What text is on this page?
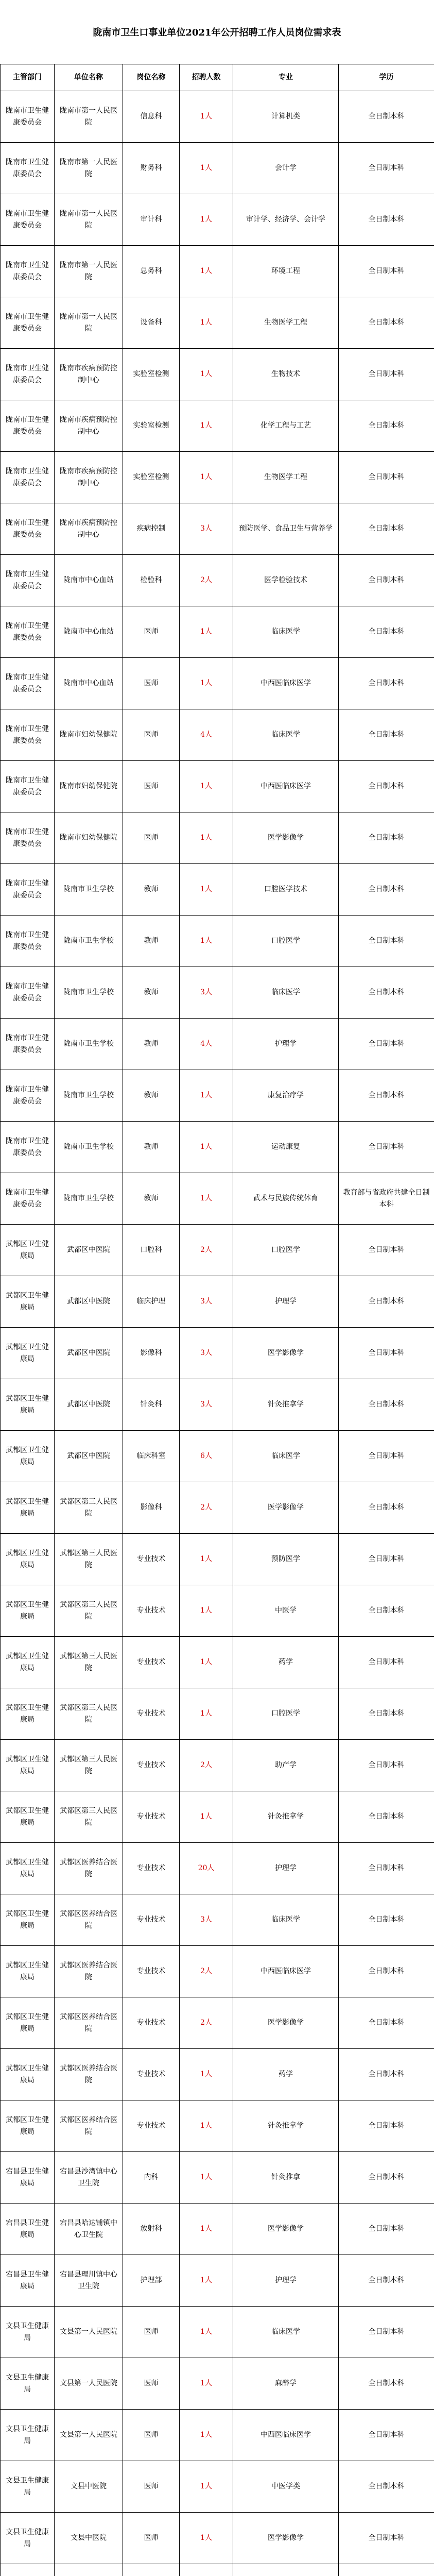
陇南市卫生口事业单位2021年公开招聘工作人员岗位需求表
主管部门	单位名称	岗位名称	招聘人数	专业	学历
陇南市卫生健康委员会	陇南市第一人民医院	信息科	1人	计算机类	全日制本科
陇南市卫生健康委员会	陇南市第一人民医院	财务科	1人	会计学	全日制本科
陇南市卫生健康委员会	陇南市第一人民医院	审计科	1人	审计学、经济学、会计学	全日制本科
陇南市卫生健康委员会	陇南市第一人民医院	总务科	1人	环境工程	全日制本科
陇南市卫生健康委员会	陇南市第一人民医院	设备科	1人	生物医学工程	全日制本科
陇南市卫生健康委员会	陇南市疾病预防控制中心	实验室检测	1人	生物技术	全日制本科
陇南市卫生健康委员会	陇南市疾病预防控制中心	实验室检测	1人	化学工程与工艺	全日制本科
陇南市卫生健康委员会	陇南市疾病预防控制中心	实验室检测	1人	生物医学工程	全日制本科
陇南市卫生健康委员会	陇南市疾病预防控制中心	疾病控制	3人	预防医学、食品卫生与营养学	全日制本科
陇南市卫生健康委员会	陇南市中心血站	检验科	2人	医学检验技术	全日制本科
陇南市卫生健康委员会	陇南市中心血站	医师	1人	临床医学	全日制本科
陇南市卫生健康委员会	陇南市中心血站	医师	1人	中西医临床医学	全日制本科
陇南市卫生健康委员会	陇南市妇幼保健院	医师	4人	临床医学	全日制本科
陇南市卫生健康委员会	陇南市妇幼保健院	医师	1人	中西医临床医学	全日制本科
陇南市卫生健康委员会	陇南市妇幼保健院	医师	1人	医学影像学	全日制本科
陇南市卫生健康委员会	陇南市卫生学校	教师	1人	口腔医学技术	全日制本科
陇南市卫生健康委员会	陇南市卫生学校	教师	1人	口腔医学	全日制本科
陇南市卫生健康委员会	陇南市卫生学校	教师	3人	临床医学	全日制本科
陇南市卫生健康委员会	陇南市卫生学校	教师	4人	护理学	全日制本科
陇南市卫生健康委员会	陇南市卫生学校	教师	1人	康复治疗学	全日制本科
陇南市卫生健康委员会	陇南市卫生学校	教师	1人	运动康复	全日制本科
陇南市卫生健康委员会	陇南市卫生学校	教师	1人	武术与民族传统体育	教育部与省政府共建全日制本科
武都区卫生健康局	武都区中医院	口腔科	2人	口腔医学	全日制本科
武都区卫生健康局	武都区中医院	临床护理	3人	护理学	全日制本科
武都区卫生健康局	武都区中医院	影像科	3人	医学影像学	全日制本科
武都区卫生健康局	武都区中医院	针灸科	3人	针灸推拿学	全日制本科
武都区卫生健康局	武都区中医院	临床科室	6人	临床医学	全日制本科
武都区卫生健康局	武都区第三人民医院	影像科	2人	医学影像学	全日制本科
武都区卫生健康局	武都区第三人民医院	专业技术	1人	预防医学	全日制本科
武都区卫生健康局	武都区第三人民医院	专业技术	1人	中医学	全日制本科
武都区卫生健康局	武都区第三人民医院	专业技术	1人	药学	全日制本科
武都区卫生健康局	武都区第三人民医院	专业技术	1人	口腔医学	全日制本科
武都区卫生健康局	武都区第三人民医院	专业技术	2人	助产学	全日制本科
武都区卫生健康局	武都区第三人民医院	专业技术	1人	针灸推拿学	全日制本科
武都区卫生健康局	武都区医养结合医院	专业技术	20人	护理学	全日制本科
武都区卫生健康局	武都区医养结合医院	专业技术	3人	临床医学	全日制本科
武都区卫生健康局	武都区医养结合医院	专业技术	2人	中西医临床医学	全日制本科
武都区卫生健康局	武都区医养结合医院	专业技术	2人	医学影像学	全日制本科
武都区卫生健康局	武都区医养结合医院	专业技术	1人	药学	全日制本科
武都区卫生健康局	武都区医养结合医院	专业技术	1人	针灸推拿学	全日制本科
宕昌县卫生健康局	宕昌县沙湾镇中心卫生院	内科	1人	针灸推拿	全日制本科
宕昌县卫生健康局	宕昌县哈达铺镇中心卫生院	放射科	1人	医学影像学	全日制本科
宕昌县卫生健康局	宕昌县理川镇中心卫生院	护理部	1人	护理学	全日制本科
文县卫生健康局	文县第一人民医院	医师	1人	临床医学	全日制本科
文县卫生健康局	文县第一人民医院	医师	1人	麻醉学	全日制本科
文县卫生健康局	文县第一人民医院	医师	1人	中西医临床医学	全日制本科
文县卫生健康局	文县中医院	医师	1人	中医学类	全日制本科
文县卫生健康局	文县中医院	医师	1人	医学影像学	全日制本科
